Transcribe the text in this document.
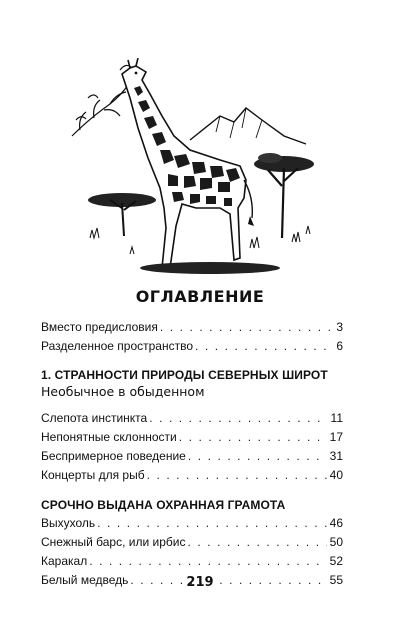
ОГЛАВЛЕНИЕ
Вместо предисловия . . .	3
Разделенное пространство . . .	6
1. СТРАННОСТИ ПРИРОДЫ СЕВЕРНЫХ ШИРОТ
Необычное в обыденном
Слепота инстинкта . . .	11
Непонятные склонности . . .	17
Беспримерное поведение . . .	31
Концерты для рыб . . .	40
СРОЧНО ВЫДАНА ОХРАННАЯ ГРАМОТА
Выхухоль . . .	46
Снежный барс, или ирбис . . .	50
Каракал . . .	52
Белый медведь . . .	55
219
